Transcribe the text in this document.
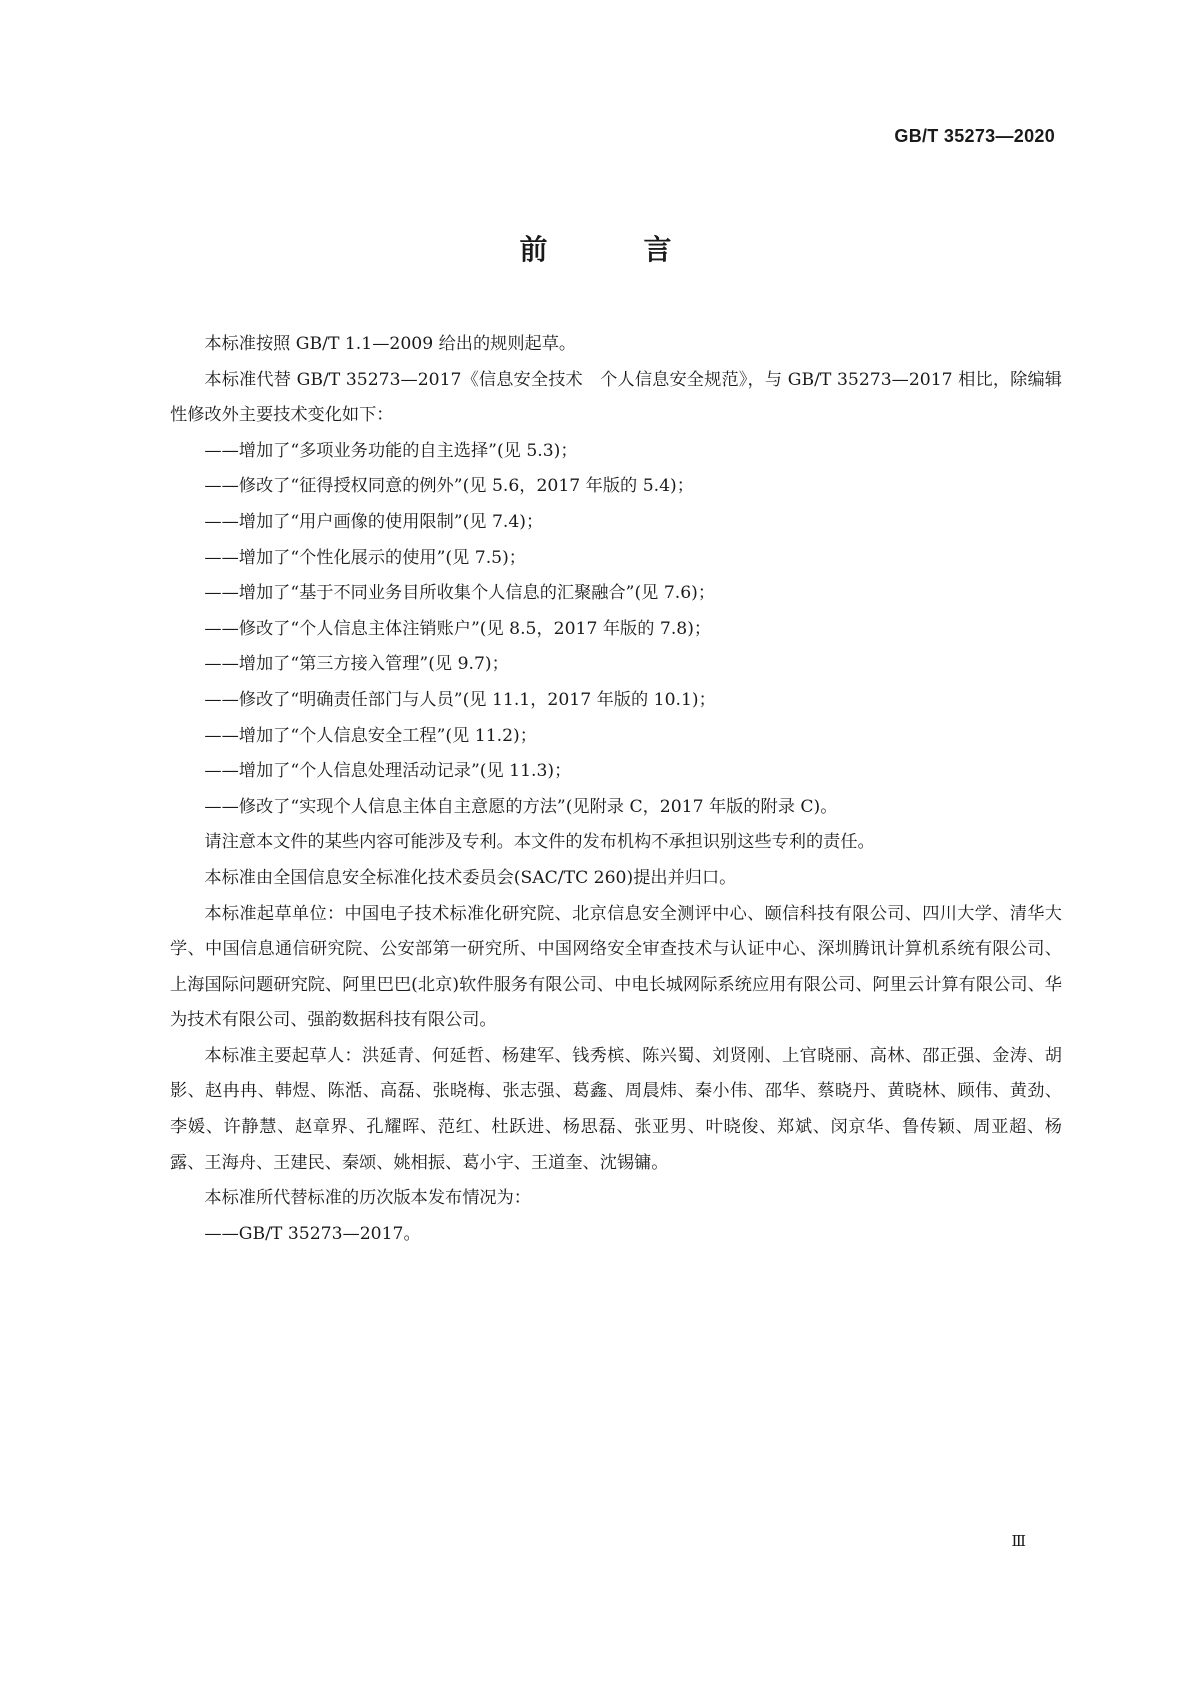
GB/T 35273—2020
前　言

本标准按照 GB/T 1.1—2009 给出的规则起草。

本标准代替 GB/T 35273—2017《信息安全技术　个人信息安全规范》，与 GB/T 35273—2017 相比，除编辑性修改外主要技术变化如下：

——增加了“多项业务功能的自主选择”(见 5.3)；

——修改了“征得授权同意的例外”(见 5.6，2017 年版的 5.4)；

——增加了“用户画像的使用限制”(见 7.4)；

——增加了“个性化展示的使用”(见 7.5)；

——增加了“基于不同业务目所收集个人信息的汇聚融合”(见 7.6)；

——修改了“个人信息主体注销账户”(见 8.5，2017 年版的 7.8)；

——增加了“第三方接入管理”(见 9.7)；

——修改了“明确责任部门与人员”(见 11.1，2017 年版的 10.1)；

——增加了“个人信息安全工程”(见 11.2)；

——增加了“个人信息处理活动记录”(见 11.3)；

——修改了“实现个人信息主体自主意愿的方法”(见附录 C，2017 年版的附录 C)。

请注意本文件的某些内容可能涉及专利。本文件的发布机构不承担识别这些专利的责任。

本标准由全国信息安全标准化技术委员会(SAC/TC 260)提出并归口。

本标准起草单位：中国电子技术标准化研究院、北京信息安全测评中心、颐信科技有限公司、四川大学、清华大学、中国信息通信研究院、公安部第一研究所、中国网络安全审查技术与认证中心、深圳腾讯计算机系统有限公司、上海国际问题研究院、阿里巴巴(北京)软件服务有限公司、中电长城网际系统应用有限公司、阿里云计算有限公司、华为技术有限公司、强韵数据科技有限公司。

本标准主要起草人：洪延青、何延哲、杨建军、钱秀槟、陈兴蜀、刘贤刚、上官晓丽、高林、邵正强、金涛、胡影、赵冉冉、韩煜、陈湉、高磊、张晓梅、张志强、葛鑫、周晨炜、秦小伟、邵华、蔡晓丹、黄晓林、顾伟、黄劲、李媛、许静慧、赵章界、孔耀晖、范红、杜跃进、杨思磊、张亚男、叶晓俊、郑斌、闵京华、鲁传颖、周亚超、杨露、王海舟、王建民、秦颂、姚相振、葛小宇、王道奎、沈锡镛。

本标准所代替标准的历次版本发布情况为：

——GB/T 35273—2017。

Ⅲ
